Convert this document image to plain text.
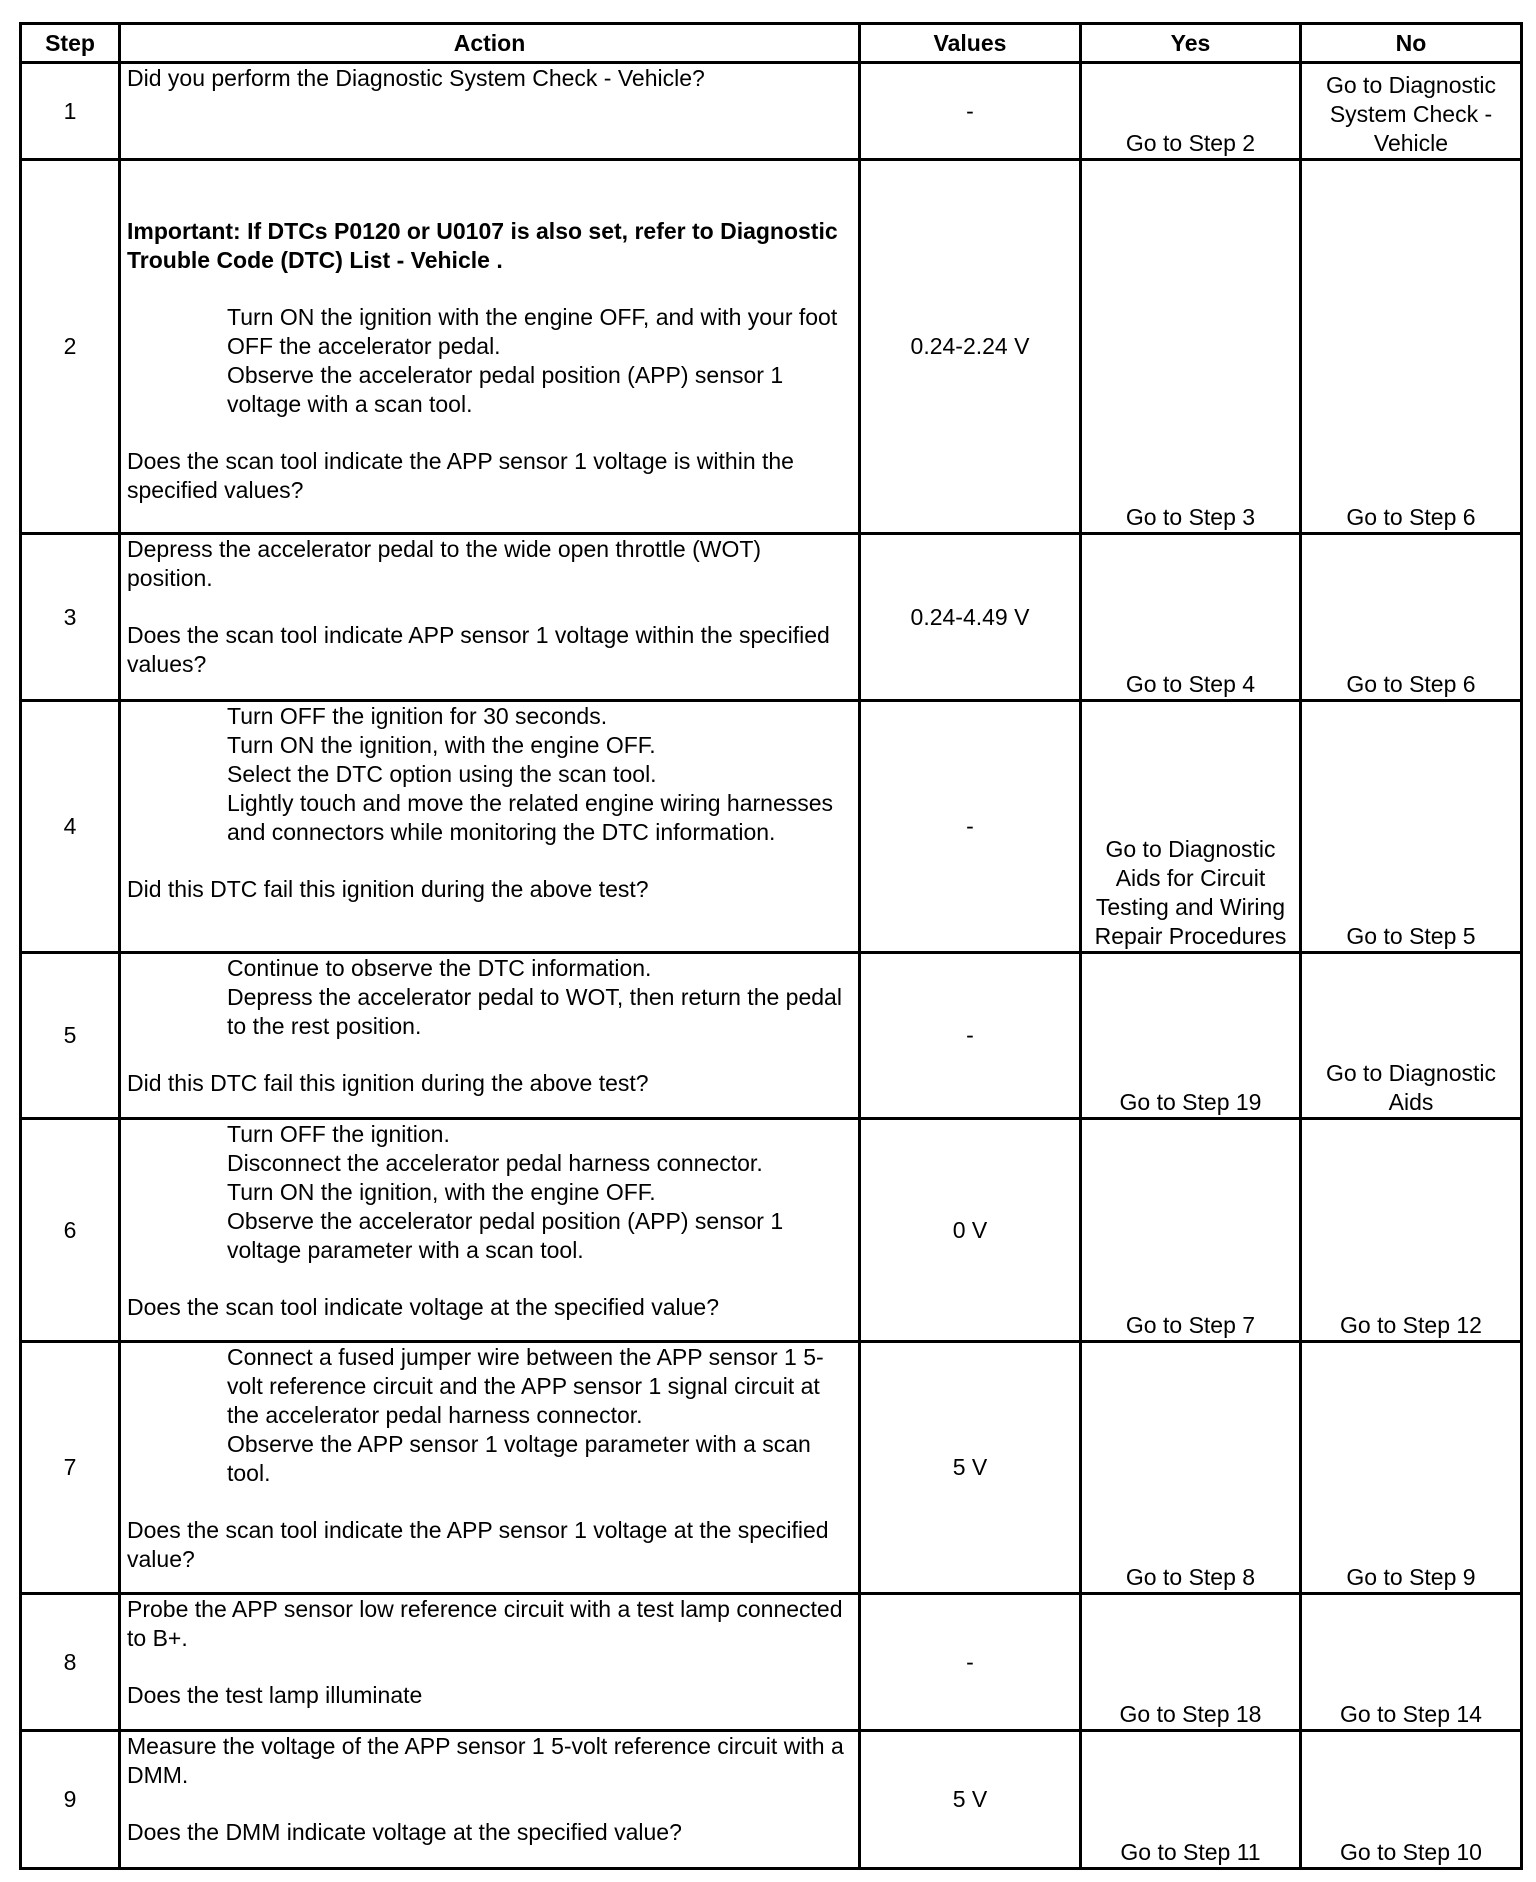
Step	Action	Values	Yes	No
1	Did you perform the Diagnostic System Check - Vehicle?	-	Go to Step 2	Go to Diagnostic System Check - Vehicle
2	Important: If DTCs P0120 or U0107 is also set, refer to Diagnostic Trouble Code (DTC) List - Vehicle .
Turn ON the ignition with the engine OFF, and with your foot OFF the accelerator pedal.
Observe the accelerator pedal position (APP) sensor 1 voltage with a scan tool.
Does the scan tool indicate the APP sensor 1 voltage is within the specified values?	0.24-2.24 V	Go to Step 3	Go to Step 6
3	Depress the accelerator pedal to the wide open throttle (WOT) position.
Does the scan tool indicate APP sensor 1 voltage within the specified values?	0.24-4.49 V	Go to Step 4	Go to Step 6
4	Turn OFF the ignition for 30 seconds.
Turn ON the ignition, with the engine OFF.
Select the DTC option using the scan tool.
Lightly touch and move the related engine wiring harnesses and connectors while monitoring the DTC information.
Did this DTC fail this ignition during the above test?	-	Go to Diagnostic Aids for Circuit Testing and Wiring Repair Procedures	Go to Step 5
5	Continue to observe the DTC information.
Depress the accelerator pedal to WOT, then return the pedal to the rest position.
Did this DTC fail this ignition during the above test?	-	Go to Step 19	Go to Diagnostic Aids
6	Turn OFF the ignition.
Disconnect the accelerator pedal harness connector.
Turn ON the ignition, with the engine OFF.
Observe the accelerator pedal position (APP) sensor 1 voltage parameter with a scan tool.
Does the scan tool indicate voltage at the specified value?	0 V	Go to Step 7	Go to Step 12
7	Connect a fused jumper wire between the APP sensor 1 5-volt reference circuit and the APP sensor 1 signal circuit at the accelerator pedal harness connector.
Observe the APP sensor 1 voltage parameter with a scan tool.
Does the scan tool indicate the APP sensor 1 voltage at the specified value?	5 V	Go to Step 8	Go to Step 9
8	Probe the APP sensor low reference circuit with a test lamp connected to B+.
Does the test lamp illuminate	-	Go to Step 18	Go to Step 14
9	Measure the voltage of the APP sensor 1 5-volt reference circuit with a DMM.
Does the DMM indicate voltage at the specified value?	5 V	Go to Step 11	Go to Step 10
